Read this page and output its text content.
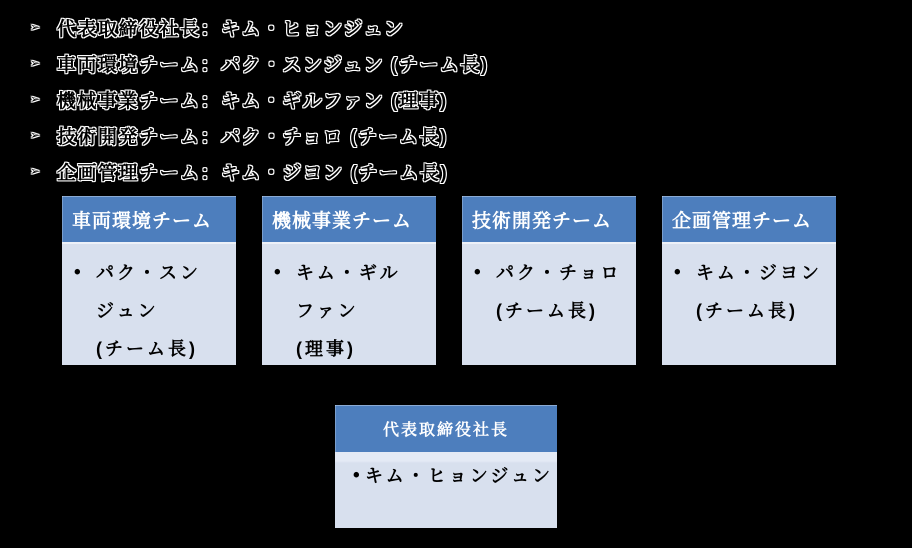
➢ 代表取締役社長：キム・ヒョンジュン
➢ 車両環境チーム：パク・スンジュン (チーム長)
➢ 機械事業チーム：キム・ギルファン (理事)
➢ 技術開発チーム：パク・チョロ (チーム長)
➢ 企画管理チーム：キム・ジヨン (チーム長)
車両環境チーム
• パク・スン
ジュン
(チーム長)
機械事業チーム
• キム・ギル
ファン
(理事)
技術開発チーム
• パク・チョロ
(チーム長)
企画管理チーム
• キム・ジヨン
(チーム長)
代表取締役社長
• キム・ヒョンジュン
